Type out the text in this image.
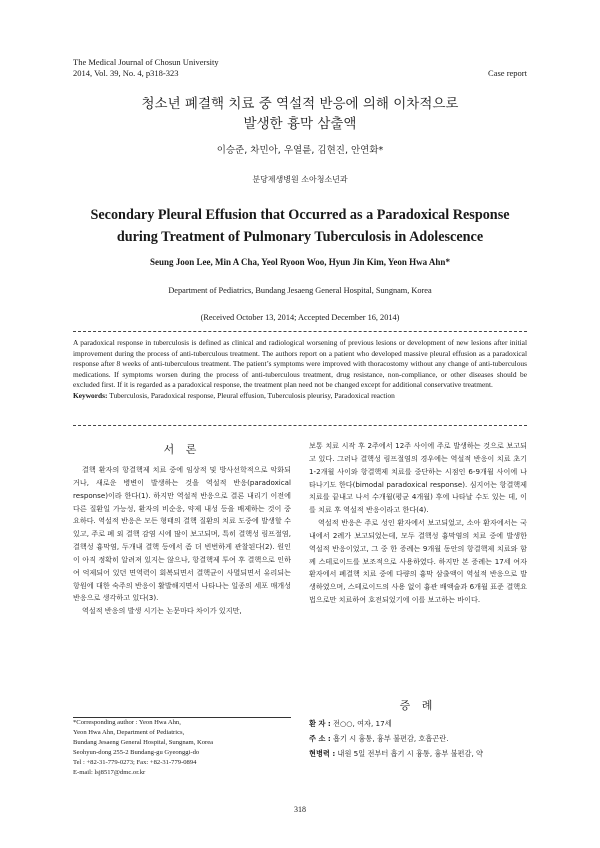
The Medical Journal of Chosun University
2014, Vol. 39, No. 4, p318-323	Case report
청소년 폐결핵 치료 중 역설적 반응에 의해 이차적으로
발생한 흉막 삼출액
이승준, 차민아, 우열륜, 김현진, 안연화*
분당제생병원 소아청소년과
Secondary Pleural Effusion that Occurred as a Paradoxical Response
during Treatment of Pulmonary Tuberculosis in Adolescence
Seung Joon Lee, Min A Cha, Yeol Ryoon Woo, Hyun Jin Kim, Yeon Hwa Ahn*
Department of Pediatrics, Bundang Jesaeng General Hospital, Sungnam, Korea
(Received October 13, 2014; Accepted December 16, 2014)
A paradoxical response in tuberculosis is defined as clinical and radiological worsening of previous lesions or development of new lesions after initial improvement during the process of anti-tuberculous treatment. The authors report on a patient who developed massive pleural effusion as a paradoxical response after 8 weeks of anti-tuberculous treatment. The patient’s symptoms were improved with thoracostomy without any change of anti-tuberculous medications. If symptoms worsen during the process of anti-tuberculous treatment, drug resistance, non-compliance, or other diseases should be excluded first. If it is regarded as a paradoxical response, the treatment plan need not be changed except for additional conservative treatment.
Keywords: Tuberculosis, Paradoxical response, Pleural effusion, Tuberculosis pleurisy, Paradoxical reaction
서 론

결핵 환자의 항결핵제 치료 중에 임상적 및 방사선학적으로 악화되거나, 새로운 병변이 발생하는 것을 역설적 반응(paradoxical response)이라 한다(1). 하지만 역설적 반응으로 결론 내리기 이전에 다른 질환일 가능성, 환자의 비순응, 약제 내성 등을 배제하는 것이 중요하다. 역설적 반응은 모든 형태의 결핵 질환의 치료 도중에 발생할 수 있고, 주로 폐 외 결핵 감염 시에 많이 보고되며, 특히 결핵성 림프절염, 결핵성 흉막염, 두개내 결핵 등에서 좀 더 빈번하게 관찰된다(2). 원인이 아직 정확히 알려져 있지는 않으나, 항결핵제 투여 후 결핵으로 인하여 억제되어 있던 면역력이 회복되면서 결핵균이 사멸되면서 유리되는 항원에 대한 숙주의 반응이 활발해지면서 나타나는 일종의 세포 매개성 반응으로 생각하고 있다(3).

역설적 반응의 발생 시기는 논문마다 차이가 있지만,

*Corresponding author : Yeon Hwa Ahn,
Yeon Hwa Ahn, Department of Pediatrics,
Bundang Jesaeng General Hospital, Sungnam, Korea
Seohyun-dong 255-2 Bundang-gu Gyeonggi-do
Tel : +82-31-779-0273; Fax: +82-31-779-0894
E-mail: lsj8517@dmc.or.kr

보통 치료 시작 후 2주에서 12주 사이에 주로 발생하는 것으로 보고되고 있다. 그러나 결핵성 림프절염의 경우에는 역설적 반응이 치료 초기 1-2개월 사이와 항결핵제 치료를 중단하는 시점인 6-9개월 사이에 나타나기도 한다(bimodal paradoxical response). 심지어는 항결핵제 치료를 끝내고 나서 수개월(평균 4개월) 후에 나타날 수도 있는 데, 이를 치료 후 역설적 반응이라고 한다(4).

역설적 반응은 주로 성인 환자에서 보고되었고, 소아 환자에서는 국내에서 2례가 보고되었는데, 모두 결핵성 흉막염의 치료 중에 발생한 역설적 반응이었고, 그 중 한 증례는 9개월 동안의 항결핵제 치료와 함께 스테로이드를 보조적으로 사용하였다. 하지만 본 증례는 17세 여자 환자에서 폐결핵 치료 중에 다량의 흉막 삼출액이 역설적 반응으로 발생하였으며, 스테로이드의 사용 없이 흉관 배액술과 6개월 표준 결핵요법으로만 치료하여 호전되었기에 이를 보고하는 바이다.

증 례
환 자 : 전○○, 여자, 17세
주 소 : 흡기 시 흉통, 흉부 불편감, 호흡곤란.
현병력 : 내원 5일 전부터 흡기 시 흉통, 흉부 불편감, 약
318
